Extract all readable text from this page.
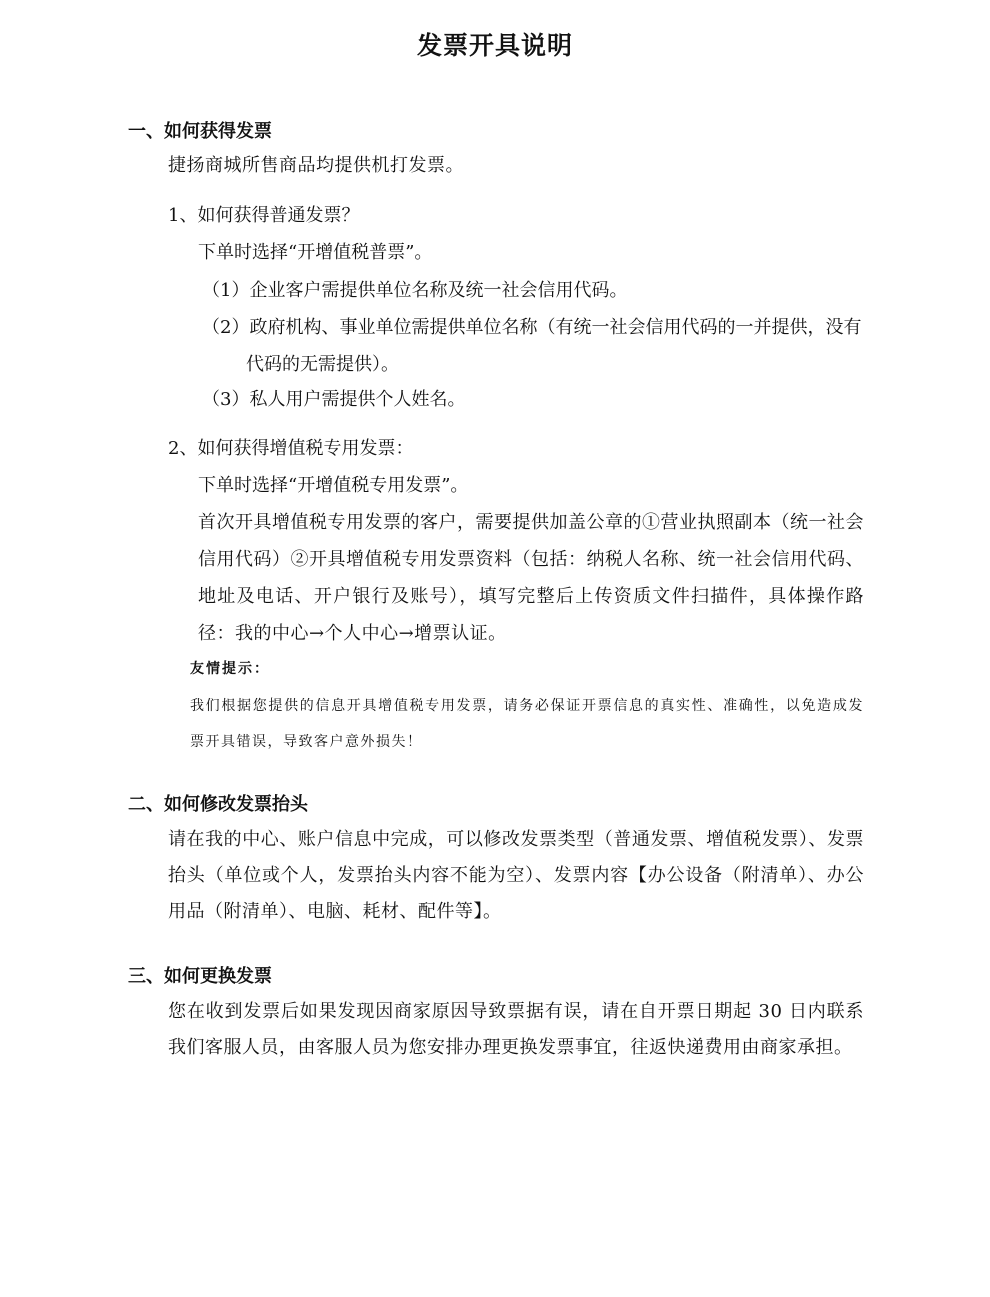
发票开具说明
一、如何获得发票
捷扬商城所售商品均提供机打发票。
1、如何获得普通发票？
下单时选择“开增值税普票”。
（1）企业客户需提供单位名称及统一社会信用代码。
（2）政府机构、事业单位需提供单位名称（有统一社会信用代码的一并提供，没有代码的无需提供）。
（3）私人用户需提供个人姓名。
2、如何获得增值税专用发票：
下单时选择“开增值税专用发票”。
首次开具增值税专用发票的客户，需要提供加盖公章的①营业执照副本（统一社会信用代码）②开具增值税专用发票资料（包括：纳税人名称、统一社会信用代码、地址及电话、开户银行及账号），填写完整后上传资质文件扫描件，具体操作路径：我的中心→个人中心→增票认证。
友情提示：
我们根据您提供的信息开具增值税专用发票，请务必保证开票信息的真实性、准确性，以免造成发票开具错误，导致客户意外损失！
二、如何修改发票抬头
请在我的中心、账户信息中完成，可以修改发票类型（普通发票、增值税发票）、发票抬头（单位或个人，发票抬头内容不能为空）、发票内容【办公设备（附清单）、办公用品（附清单）、电脑、耗材、配件等】。
三、如何更换发票
您在收到发票后如果发现因商家原因导致票据有误，请在自开票日期起 30 日内联系我们客服人员，由客服人员为您安排办理更换发票事宜，往返快递费用由商家承担。
